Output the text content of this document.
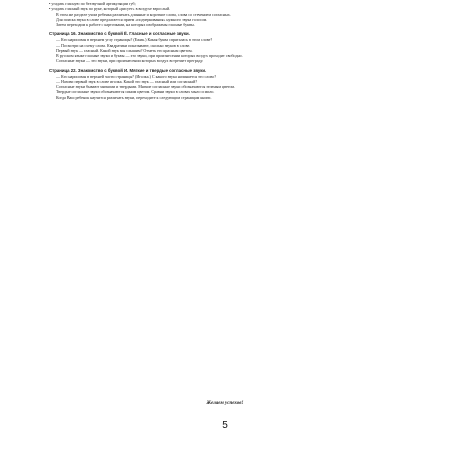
• угадать гласную по беззвучной артикуляции губ;

• угадать гласный звук по руке, который «рисует» в воздухе взрослый.

В этом же разделе учим ребенка различать длинные и короткие слова, слова со стечением согласных.

Для поиска звука в слове предлагается прием «подчеркивания» нужного звука голосом.

Затем переходим к работе с карточками, на которых изображены гласные буквы.

Страница 16. Знакомство с буквой Ё. Гласные и согласные звуки.

— Кто нарисован в верхнем углу страницы? (Ежик.) Какая буква спряталась в этом слове?

— Посмотри на схему слова. Квадратики показывают, сколько звуков в слове.

Первый звук — гласный. Какой звук мы слышим? Отметь его красным цветом.

В русском языке гласные звуки и буквы — это звуки, при произнесении которых воздух проходит свободно.

Согласные звуки — это звуки, при произнесении которых воздух встречает преграду.

Страница 22. Знакомство с буквой И. Мягкие и твердые согласные звуки.

— Кто нарисован в верхней части страницы? (Иголка.) С какого звука начинается это слово?

— Назови первый звук в слове иголка. Какой это звук — гласный или согласный?

Согласные звуки бывают мягкими и твердыми. Мягкие согласные звуки обозначаются зеленым цветом.

Твердые согласные звуки обозначаются синим цветом. Сравни звуки в словах мыло и мило.

Когда Ваш ребенок научится различать звуки, переходите к следующим страницам книги.

Желаем успехов!
5
